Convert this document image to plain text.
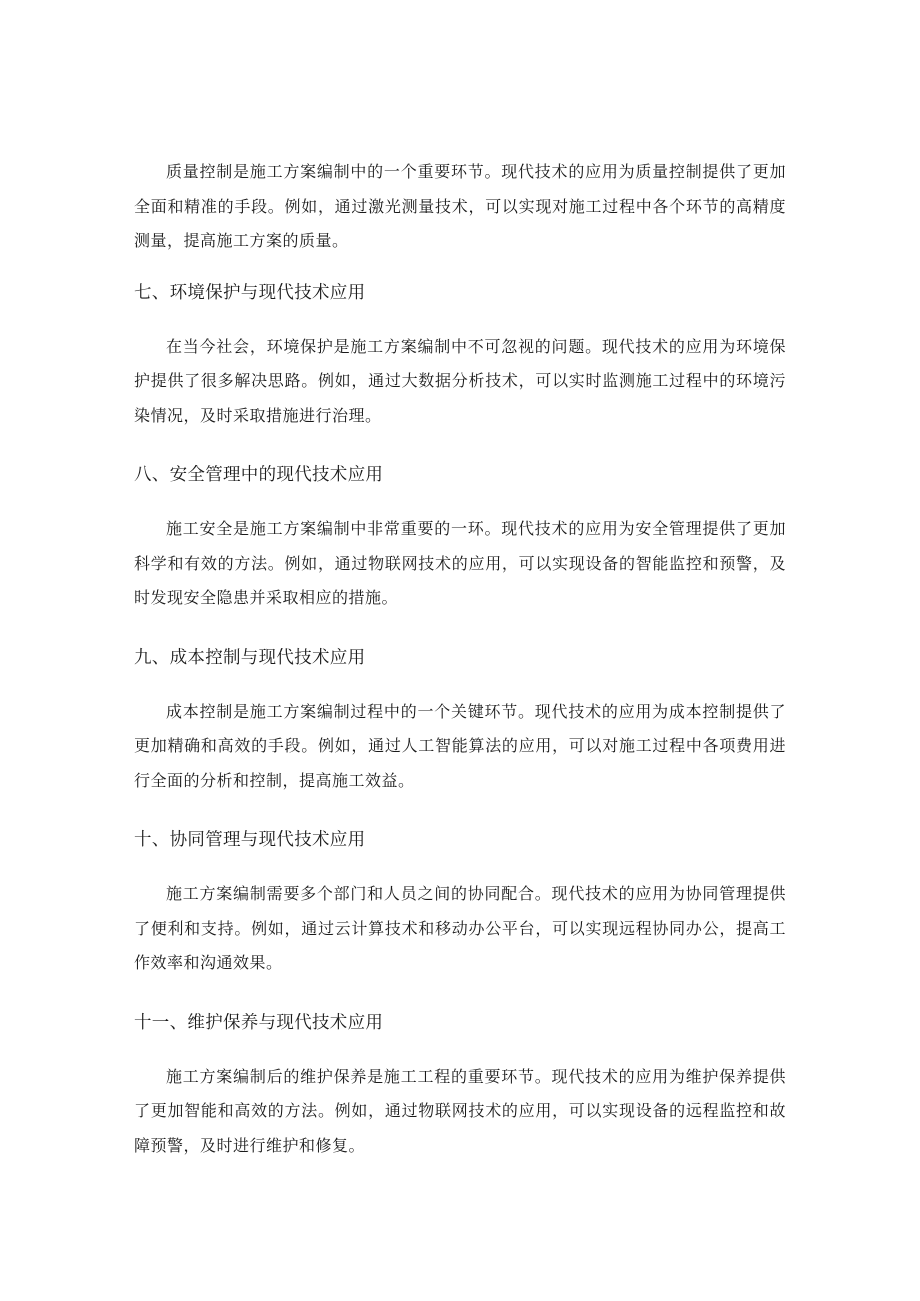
质量控制是施工方案编制中的一个重要环节。现代技术的应用为质量控制提供了更加全面和精准的手段。例如，通过激光测量技术，可以实现对施工过程中各个环节的高精度测量，提高施工方案的质量。

七、环境保护与现代技术应用

在当今社会，环境保护是施工方案编制中不可忽视的问题。现代技术的应用为环境保护提供了很多解决思路。例如，通过大数据分析技术，可以实时监测施工过程中的环境污染情况，及时采取措施进行治理。

八、安全管理中的现代技术应用

施工安全是施工方案编制中非常重要的一环。现代技术的应用为安全管理提供了更加科学和有效的方法。例如，通过物联网技术的应用，可以实现设备的智能监控和预警，及时发现安全隐患并采取相应的措施。

九、成本控制与现代技术应用

成本控制是施工方案编制过程中的一个关键环节。现代技术的应用为成本控制提供了更加精确和高效的手段。例如，通过人工智能算法的应用，可以对施工过程中各项费用进行全面的分析和控制，提高施工效益。

十、协同管理与现代技术应用

施工方案编制需要多个部门和人员之间的协同配合。现代技术的应用为协同管理提供了便利和支持。例如，通过云计算技术和移动办公平台，可以实现远程协同办公，提高工作效率和沟通效果。

十一、维护保养与现代技术应用

施工方案编制后的维护保养是施工工程的重要环节。现代技术的应用为维护保养提供了更加智能和高效的方法。例如，通过物联网技术的应用，可以实现设备的远程监控和故障预警，及时进行维护和修复。
